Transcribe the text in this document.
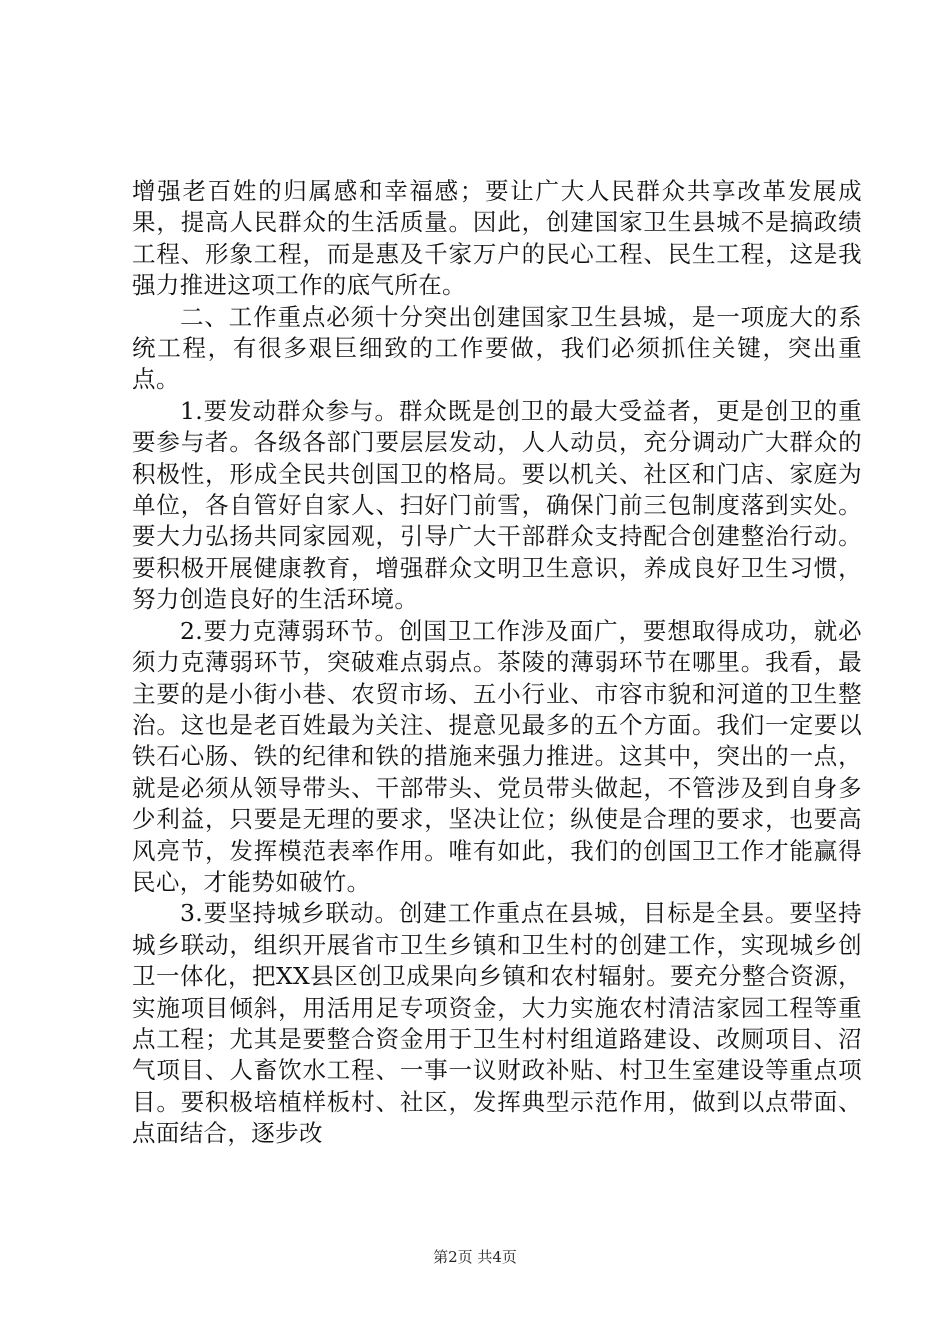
增强老百姓的归属感和幸福感；要让广大人民群众共享改革发展成果，提高人民群众的生活质量。因此，创建国家卫生县城不是搞政绩工程、形象工程，而是惠及千家万户的民心工程、民生工程，这是我强力推进这项工作的底气所在。

二、工作重点必须十分突出创建国家卫生县城，是一项庞大的系统工程，有很多艰巨细致的工作要做，我们必须抓住关键，突出重点。

1.要发动群众参与。群众既是创卫的最大受益者，更是创卫的重要参与者。各级各部门要层层发动，人人动员，充分调动广大群众的积极性，形成全民共创国卫的格局。要以机关、社区和门店、家庭为单位，各自管好自家人、扫好门前雪，确保门前三包制度落到实处。要大力弘扬共同家园观，引导广大干部群众支持配合创建整治行动。要积极开展健康教育，增强群众文明卫生意识，养成良好卫生习惯，努力创造良好的生活环境。

2.要力克薄弱环节。创国卫工作涉及面广，要想取得成功，就必须力克薄弱环节，突破难点弱点。茶陵的薄弱环节在哪里。我看，最主要的是小街小巷、农贸市场、五小行业、市容市貌和河道的卫生整治。这也是老百姓最为关注、提意见最多的五个方面。我们一定要以铁石心肠、铁的纪律和铁的措施来强力推进。这其中，突出的一点，就是必须从领导带头、干部带头、党员带头做起，不管涉及到自身多少利益，只要是无理的要求，坚决让位；纵使是合理的要求，也要高风亮节，发挥模范表率作用。唯有如此，我们的创国卫工作才能赢得民心，才能势如破竹。

3.要坚持城乡联动。创建工作重点在县城，目标是全县。要坚持城乡联动，组织开展省市卫生乡镇和卫生村的创建工作，实现城乡创卫一体化，把XX县区创卫成果向乡镇和农村辐射。要充分整合资源，实施项目倾斜，用活用足专项资金，大力实施农村清洁家园工程等重点工程；尤其是要整合资金用于卫生村村组道路建设、改厕项目、沼气项目、人畜饮水工程、一事一议财政补贴、村卫生室建设等重点项目。要积极培植样板村、社区，发挥典型示范作用，做到以点带面、点面结合，逐步改

第2页 共4页
